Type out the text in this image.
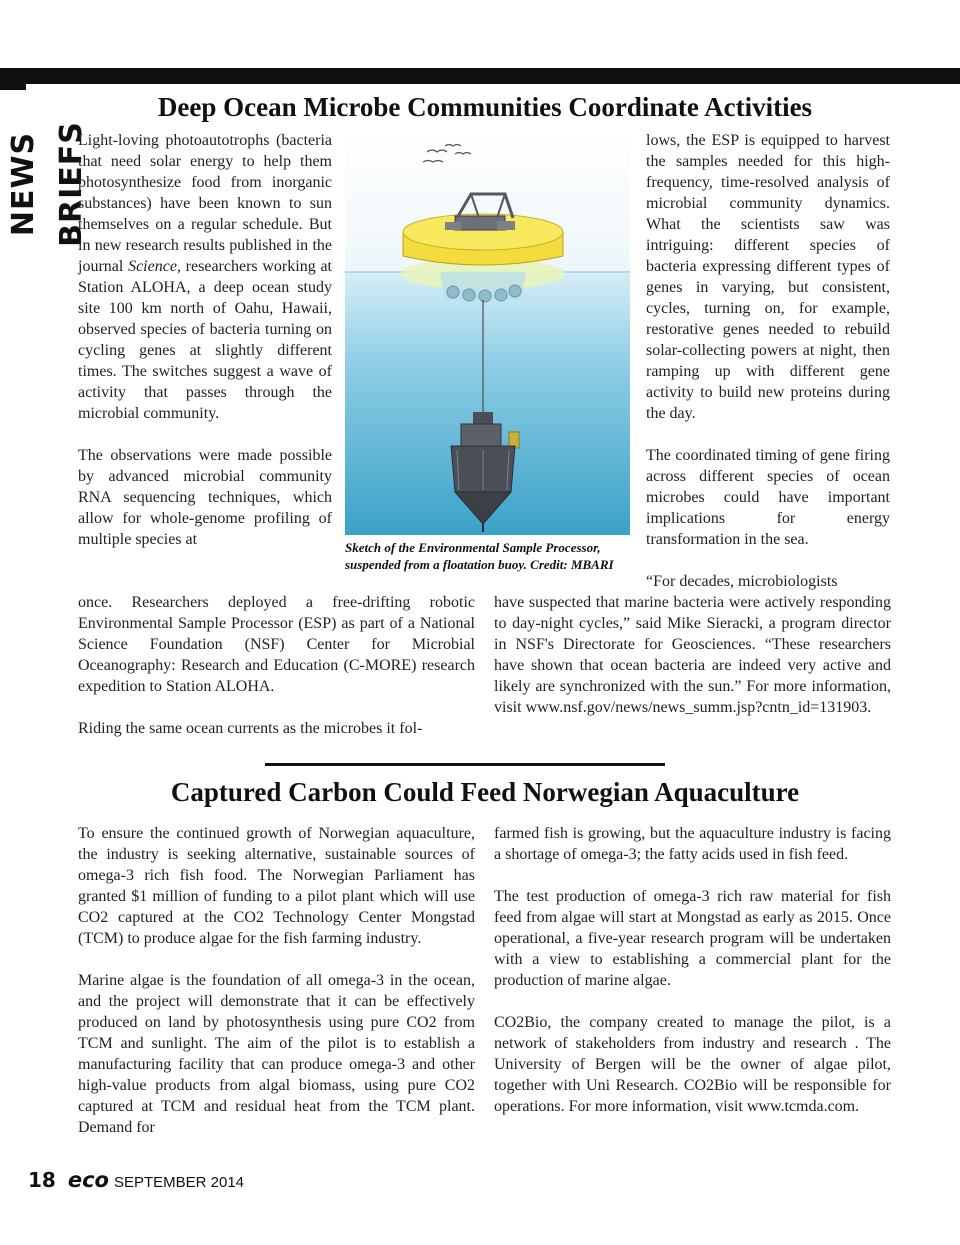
NEWS BRIEFS
Deep Ocean Microbe Communities Coordinate Activities

Light-loving photoautotrophs (bacteria that need solar energy to help them photosynthesize food from inorganic substances) have been known to sun themselves on a regular schedule. But in new research results published in the journal Science, researchers working at Station ALOHA, a deep ocean study site 100 km north of Oahu, Hawaii, observed species of bacteria turning on cycling genes at slightly different times. The switches suggest a wave of activity that passes through the microbial community.

The observations were made possible by advanced microbial community RNA sequencing techniques, which allow for whole-genome profiling of multiple species at

once. Researchers deployed a free-drifting robotic Environmental Sample Processor (ESP) as part of a National Science Foundation (NSF) Center for Microbial Oceanography: Research and Education (C-MORE) research expedition to Station ALOHA.

Riding the same ocean currents as the microbes it fol-

lows, the ESP is equipped to harvest the samples needed for this high-frequency, time-resolved analysis of microbial community dynamics. What the scientists saw was intriguing: different species of bacteria expressing different types of genes in varying, but consistent, cycles, turning on, for example, restorative genes needed to rebuild solar-collecting powers at night, then ramping up with different gene activity to build new proteins during the day.

The coordinated timing of gene firing across different species of ocean microbes could have important implications for energy transformation in the sea.

“For decades, microbiologists

have suspected that marine bacteria were actively responding to day-night cycles,” said Mike Sieracki, a program director in NSF's Directorate for Geosciences. “These researchers have shown that ocean bacteria are indeed very active and likely are synchronized with the sun.” For more information, visit www.nsf.gov/news/news_summ.jsp?cntn_id=131903.

Sketch of the Environmental Sample Processor,
suspended from a floatation buoy. Credit: MBARI
Captured Carbon Could Feed Norwegian Aquaculture

To ensure the continued growth of Norwegian aquaculture, the industry is seeking alternative, sustainable sources of omega-3 rich fish food. The Norwegian Parliament has granted $1 million of funding to a pilot plant which will use CO2 captured at the CO2 Technology Center Mongstad (TCM) to produce algae for the fish farming industry.

Marine algae is the foundation of all omega-3 in the ocean, and the project will demonstrate that it can be effectively produced on land by photosynthesis using pure CO2 from TCM and sunlight. The aim of the pilot is to establish a manufacturing facility that can produce omega-3 and other high-value products from algal biomass, using pure CO2 captured at TCM and residual heat from the TCM plant. Demand for

farmed fish is growing, but the aquaculture industry is facing a shortage of omega-3; the fatty acids used in fish feed.

The test production of omega-3 rich raw material for fish feed from algae will start at Mongstad as early as 2015. Once operational, a five-year research program will be undertaken with a view to establishing a commercial plant for the production of marine algae.

CO2Bio, the company created to manage the pilot, is a network of stakeholders from industry and research . The University of Bergen will be the owner of algae pilot, together with Uni Research. CO2Bio will be responsible for operations. For more information, visit www.tcmda.com.

18 eco SEPTEMBER 2014
